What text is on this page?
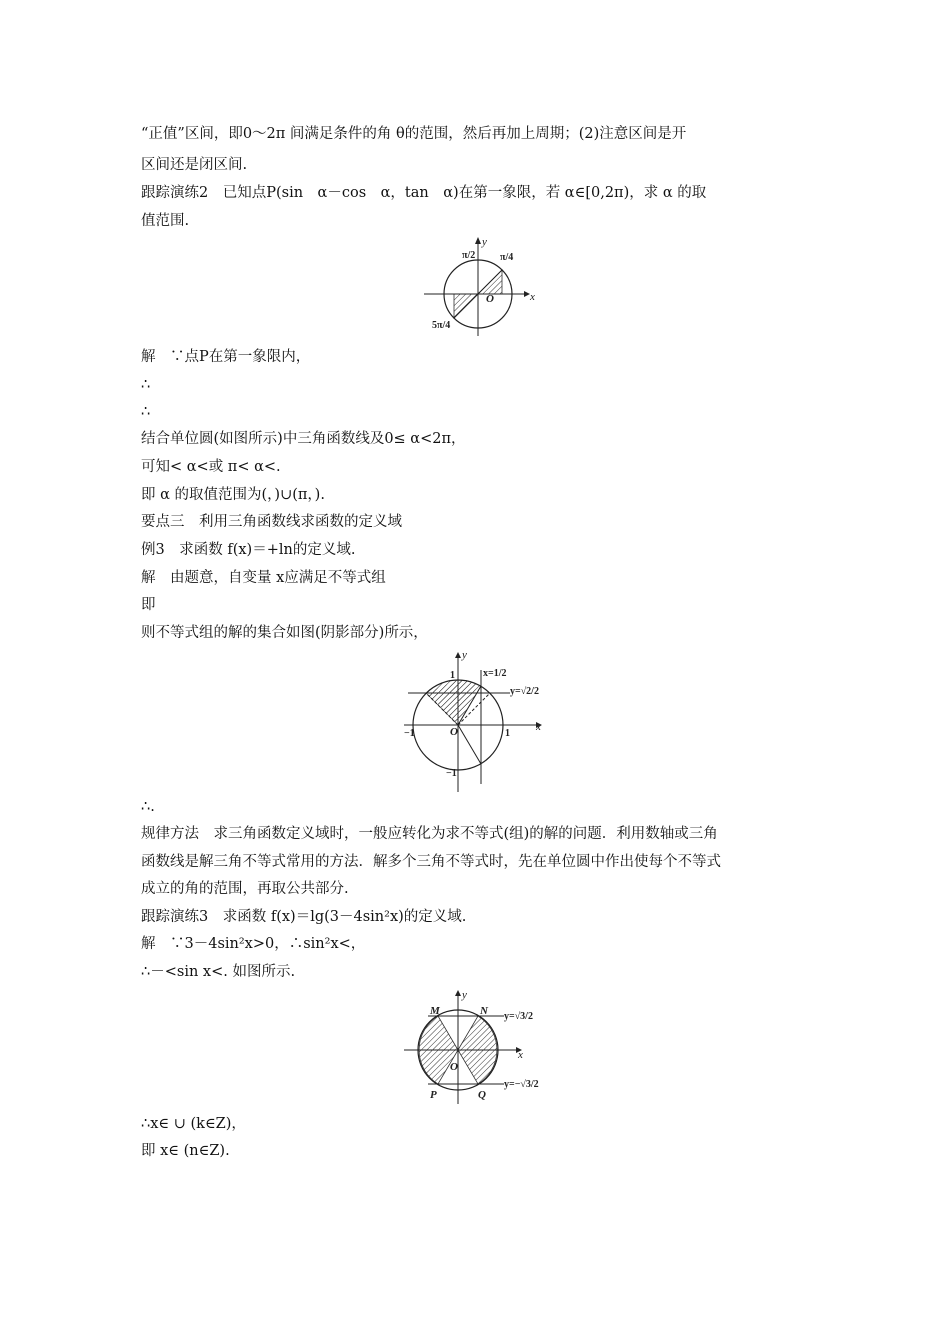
“正值”区间，即0～2π 间满足条件的角 θ的范围，然后再加上周期；(2)注意区间是开
区间还是闭区间.
跟踪演练2　已知点P(sin　α－cos　α，tan　α)在第一象限，若 α∈[0,2π)，求 α 的取
值范围.
O	x
y
π/2 π/4
5π/4
解　∵点P在第一象限内，
∴
∴
结合单位圆(如图所示)中三角函数线及0≤ α<2π，
可知< α<或 π< α<.
即 α 的取值范围为(，)∪(π，).
要点三　利用三角函数线求函数的定义域
例3　求函数 f(x)＝+ln的定义域.
解　由题意，自变量 x应满足不等式组
即
则不等式组的解的集合如图(阴影部分)所示，
O	x
y
x=1/2
y=√2/2
1
1
−1
−1
∴.
规律方法　求三角函数定义域时，一般应转化为求不等式(组)的解的问题．利用数轴或三角
函数线是解三角不等式常用的方法．解多个三角不等式时，先在单位圆中作出使每个不等式
成立的角的范围，再取公共部分.
跟踪演练3　求函数 f(x)＝lg(3－4sin²x)的定义域.
解　∵3－4sin²x>0，∴sin²x<，
∴－<sin x<. 如图所示.
M	N
P	Q
O
x
y
y=√3/2
y=−√3/2
∴x∈ ∪ (k∈Z)，
即 x∈ (n∈Z).
